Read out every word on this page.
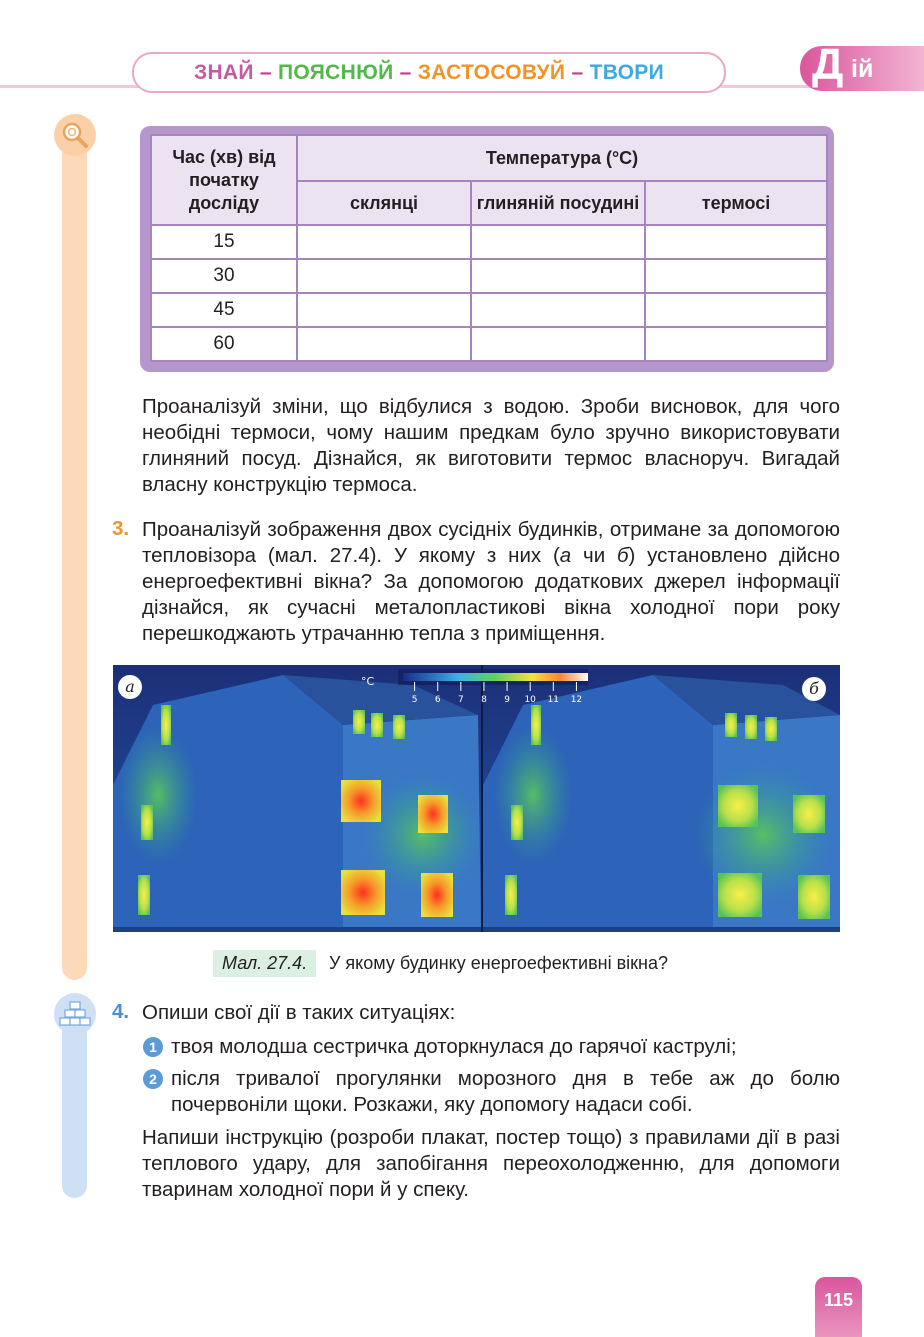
ЗНАЙ – ПОЯСНЮЙ – ЗАСТОСОВУЙ – ТВОРИ	Д ій
Час (хв) від початку досліду	Температура (°С)		
	склянці	глиняній посудині	термосі
15			
30			
45			
60			
Проаналізуй зміни, що відбулися з водою. Зроби висновок, для чого необідні термоси, чому нашим предкам було зручно використовувати глиняний посуд. Дізнайся, як виготовити термос власноруч. Вигадай власну конструкцію термоса.
3. Проаналізуй зображення двох сусідніх будинків, отримане за допомогою тепловізора (мал. 27.4). У якому з них (а чи б) установлено дійсно енергоефективні вікна? За допомогою додаткових джерел інформації дізнайся, як сучасні металопластикові вікна холодної пори року перешкоджають утрачанню тепла з приміщення.
°C
5 6 7 8 9 10 11 12
а	б
Мал. 27.4.	У якому будинку енергоефективні вікна?
4. Опиши свої дії в таких ситуаціях:
1 твоя молодша сестричка доторкнулася до гарячої каструлі;
2 після тривалої прогулянки морозного дня в тебе аж до болю почервоніли щоки. Розкажи, яку допомогу надаси собі.
Напиши інструкцію (розроби плакат, постер тощо) з правилами дії в разі теплового удару, для запобігання переохолодженню, для допомоги тваринам холодної пори й у спеку.
115
